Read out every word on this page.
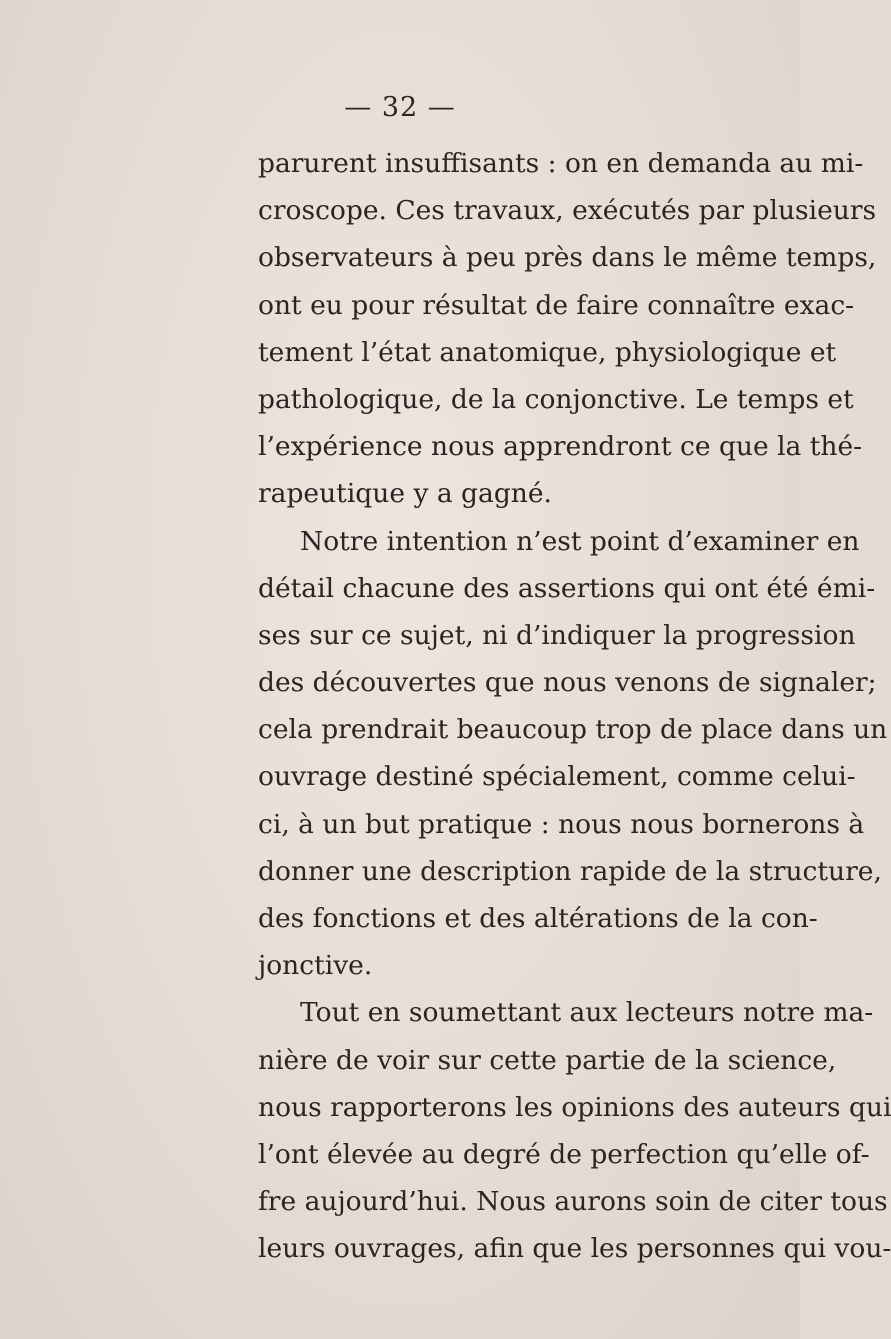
— 32 —
parurent insuffisants : on en demanda au mi-
croscope. Ces travaux, exécutés par plusieurs
observateurs à peu près dans le même temps,
ont eu pour résultat de faire connaître exac-
tement l’état anatomique, physiologique et
pathologique, de la conjonctive. Le temps et
l’expérience nous apprendront ce que la thé-
rapeutique y a gagné.
Notre intention n’est point d’examiner en
détail chacune des assertions qui ont été émi-
ses sur ce sujet, ni d’indiquer la progression
des découvertes que nous venons de signaler;
cela prendrait beaucoup trop de place dans un
ouvrage destiné spécialement, comme celui-
ci, à un but pratique : nous nous bornerons à
donner une description rapide de la structure,
des fonctions et des altérations de la con-
jonctive.
Tout en soumettant aux lecteurs notre ma-
nière de voir sur cette partie de la science,
nous rapporterons les opinions des auteurs qui
l’ont élevée au degré de perfection qu’elle of-
fre aujourd’hui. Nous aurons soin de citer tous
leurs ouvrages, afin que les personnes qui vou-
